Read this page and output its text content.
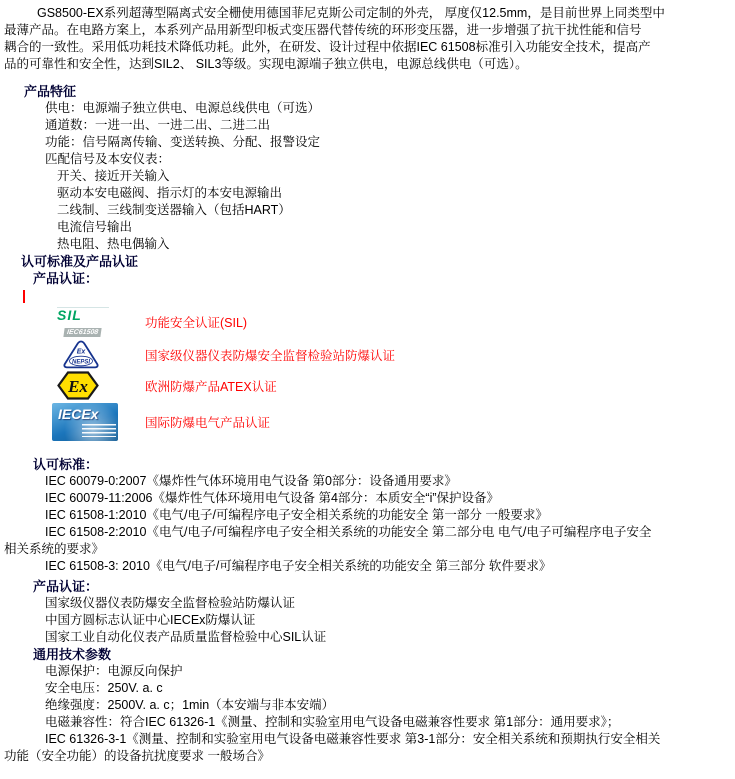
GS8500-EX系列超薄型隔离式安全栅使用德国菲尼克斯公司定制的外壳， 厚度仅12.5mm，是目前世界上同类型中
最薄产品。在电路方案上，本系列产品用新型印板式变压器代替传统的环形变压器，进一步增强了抗干扰性能和信号
耦合的一致性。采用低功耗技术降低功耗。此外，在研发、设计过程中依据IEC 61508标准引入功能安全技术，提高产
品的可靠性和安全性，达到SIL2、 SIL3等级。实现电源端子独立供电，电源总线供电（可选）。
产品特征
供电：电源端子独立供电、电源总线供电（可选）
通道数：一进一出、一进二出、二进二出
功能：信号隔离传输、变送转换、分配、报警设定
匹配信号及本安仪表：
开关、接近开关输入
驱动本安电磁阀、指示灯的本安电源输出
二线制、三线制变送器输入（包括HART）
电流信号输出
热电阻、热电偶输入
认可标准及产品认证
产品认证：
SIL IEC61508
功能安全认证(SIL)
Ex
NEPSI	国家级仪器仪表防爆安全监督检验站防爆认证
Ex	欧洲防爆产品ATEX认证
IECEx
国际防爆电气产品认证
认可标准：
IEC 60079-0:2007《爆炸性气体环境用电气设备 第0部分：设备通用要求》
IEC 60079-11:2006《爆炸性气体环境用电气设备 第4部分：本质安全“i”保护设备》
IEC 61508-1:2010《电气/电子/可编程序电子安全相关系统的功能安全 第一部分 一般要求》
IEC 61508-2:2010《电气/电子/可编程序电子安全相关系统的功能安全 第二部分电 电气/电子可编程序电子安全
相关系统的要求》
IEC 61508-3: 2010《电气/电子/可编程序电子安全相关系统的功能安全 第三部分 软件要求》
产品认证：
国家级仪器仪表防爆安全监督检验站防爆认证
中国方圆标志认证中心IECEx防爆认证
国家工业自动化仪表产品质量监督检验中心SIL认证
通用技术参数
电源保护：电源反向保护
安全电压：250V. a. c
绝缘强度：2500V. a. c；1min（本安端与非本安端）
电磁兼容性：符合IEC 61326-1《测量、控制和实验室用电气设备电磁兼容性要求 第1部分：通用要求》；
IEC 61326-3-1《测量、控制和实验室用电气设备电磁兼容性要求 第3-1部分：安全相关系统和预期执行安全相关
功能（安全功能）的设备抗扰度要求 一般场合》
